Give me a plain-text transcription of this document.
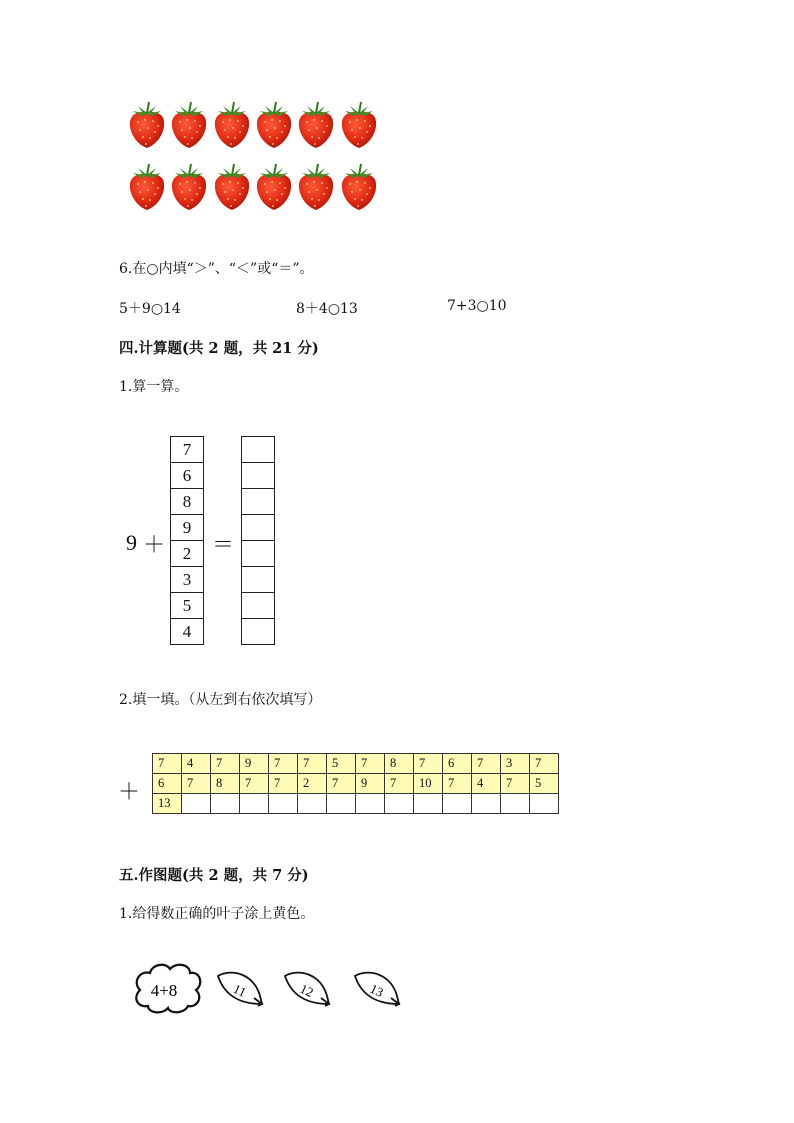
6.在○内填“＞”、“＜”或“＝”。
5＋9○14	8＋4○13	7+3○10
四.计算题(共 2 题，共 21 分)
1.算一算。
9 ＋ ＝
7
6
8
9
2
3
5
4
2.填一填。（从左到右依次填写）
＋
7	4	7	9	7	7	5	7	8	7	6	7	3	7
6	7	8	7	7	2	7	9	7	10	7	4	7	5
13													
五.作图题(共 2 题，共 7 分)
1.给得数正确的叶子涂上黄色。
4+8	11	12	13
